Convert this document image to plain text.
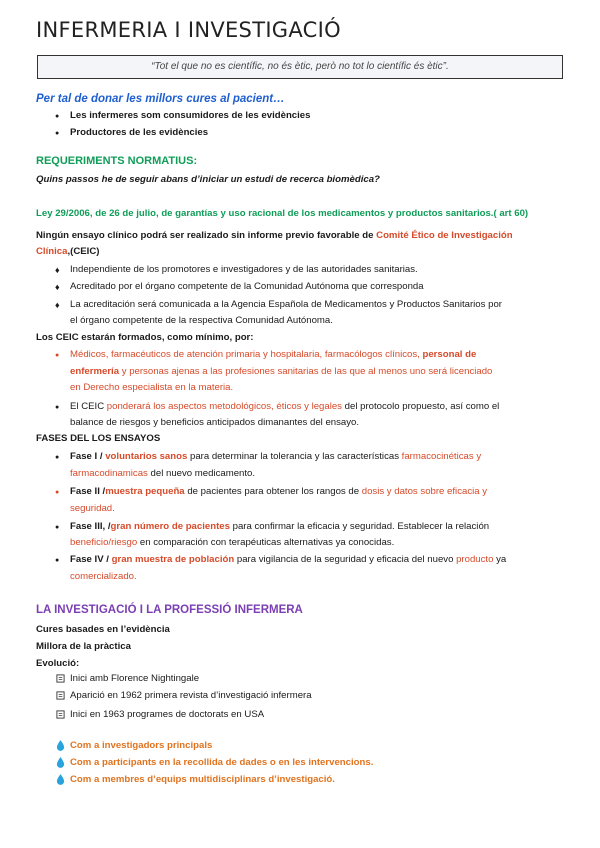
INFERMERIA I INVESTIGACIÓ
“Tot el que no es científic, no és ètic, però no tot lo científic és ètic”.
Per tal de donar les millors cures al pacient…
●
Les infermeres som consumidores de les evidències
●
Productores de les evidències
REQUERIMENTS NORMATIUS:
Quins passos he de seguir abans d’iniciar un estudi de recerca biomèdica?
Ley 29/2006, de 26 de julio, de garantías y uso racional de los medicamentos y productos sanitarios.( art 60)
Ningún ensayo clínico podrá ser realizado sin informe previo favorable de Comité Ético de Investigación
Clínica,(CEIC)
♦
Independiente de los promotores e investigadores y de las autoridades sanitarias.
♦
Acreditado por el órgano competente de la Comunidad Autónoma que corresponda
♦
La acreditación será comunicada a la Agencia Española de Medicamentos y Productos Sanitarios por
el órgano competente de la respectiva Comunidad Autónoma.
Los CEIC estarán formados, como mínimo, por:
●
Médicos, farmacéuticos de atención primaria y hospitalaria, farmacólogos clínicos, personal de
enfermería y personas ajenas a las profesiones sanitarias de las que al menos uno será licenciado
en Derecho especialista en la materia.
●
El CEIC ponderará los aspectos metodológicos, éticos y legales del protocolo propuesto, así como el
balance de riesgos y beneficios anticipados dimanantes del ensayo.
FASES DEL LOS ENSAYOS
●
Fase I / voluntarios sanos para determinar la tolerancia y las características farmacocinéticas y
farmacodinamicas del nuevo medicamento.
●
Fase II /muestra pequeña de pacientes para obtener los rangos de dosis y datos sobre eficacia y
seguridad.
●
Fase III, /gran número de pacientes para confirmar la eficacia y seguridad. Establecer la relación
beneficio/riesgo en comparación con terapéuticas alternativas ya conocidas.
●
Fase IV / gran muestra de población para vigilancia de la seguridad y eficacia del nuevo producto ya
comercializado.
LA INVESTIGACIÓ I LA PROFESSIÓ INFERMERA
Cures basades en l’evidència
Millora de la pràctica
Evolució:
Inici amb Florence Nightingale
Aparició en 1962 primera revista d’investigació infermera
Inici en 1963 programes de doctorats en USA
Com a investigadors principals
Com a participants en la recollida de dades o en les intervencions.
Com a membres d’equips multidisciplinars d’investigació.
